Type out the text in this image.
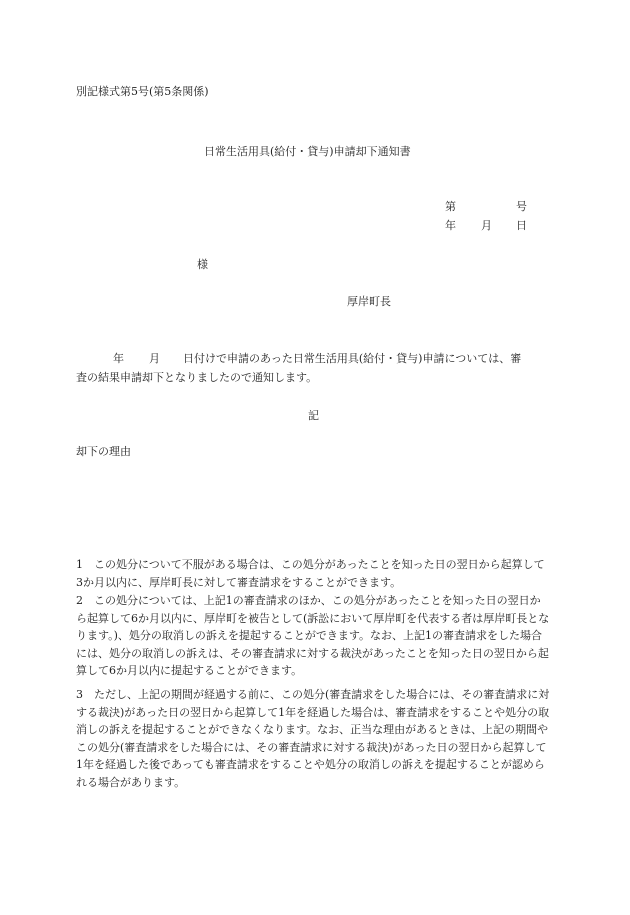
別記様式第5号(第5条関係)
日常生活用具(給付・貸与)申請却下通知書
第	号
年 月 日
様
厚岸町長
年 月 日付けで申請のあった日常生活用具(給付・貸与)申請については、審
査の結果申請却下となりましたので通知します。
記
却下の理由
1 この処分について不服がある場合は、この処分があったことを知った日の翌日から起算して3か月以内に、厚岸町長に対して審査請求をすることができます。
2 この処分については、上記1の審査請求のほか、この処分があったことを知った日の翌日から起算して6か月以内に、厚岸町を被告として(訴訟において厚岸町を代表する者は厚岸町長となります。)、処分の取消しの訴えを提起することができます。なお、上記1の審査請求をした場合には、処分の取消しの訴えは、その審査請求に対する裁決があったことを知った日の翌日から起算して6か月以内に提起することができます。
3 ただし、上記の期間が経過する前に、この処分(審査請求をした場合には、その審査請求に対する裁決)があった日の翌日から起算して1年を経過した場合は、審査請求をすることや処分の取消しの訴えを提起することができなくなります。なお、正当な理由があるときは、上記の期間やこの処分(審査請求をした場合には、その審査請求に対する裁決)があった日の翌日から起算して1年を経過した後であっても審査請求をすることや処分の取消しの訴えを提起することが認められる場合があります。
